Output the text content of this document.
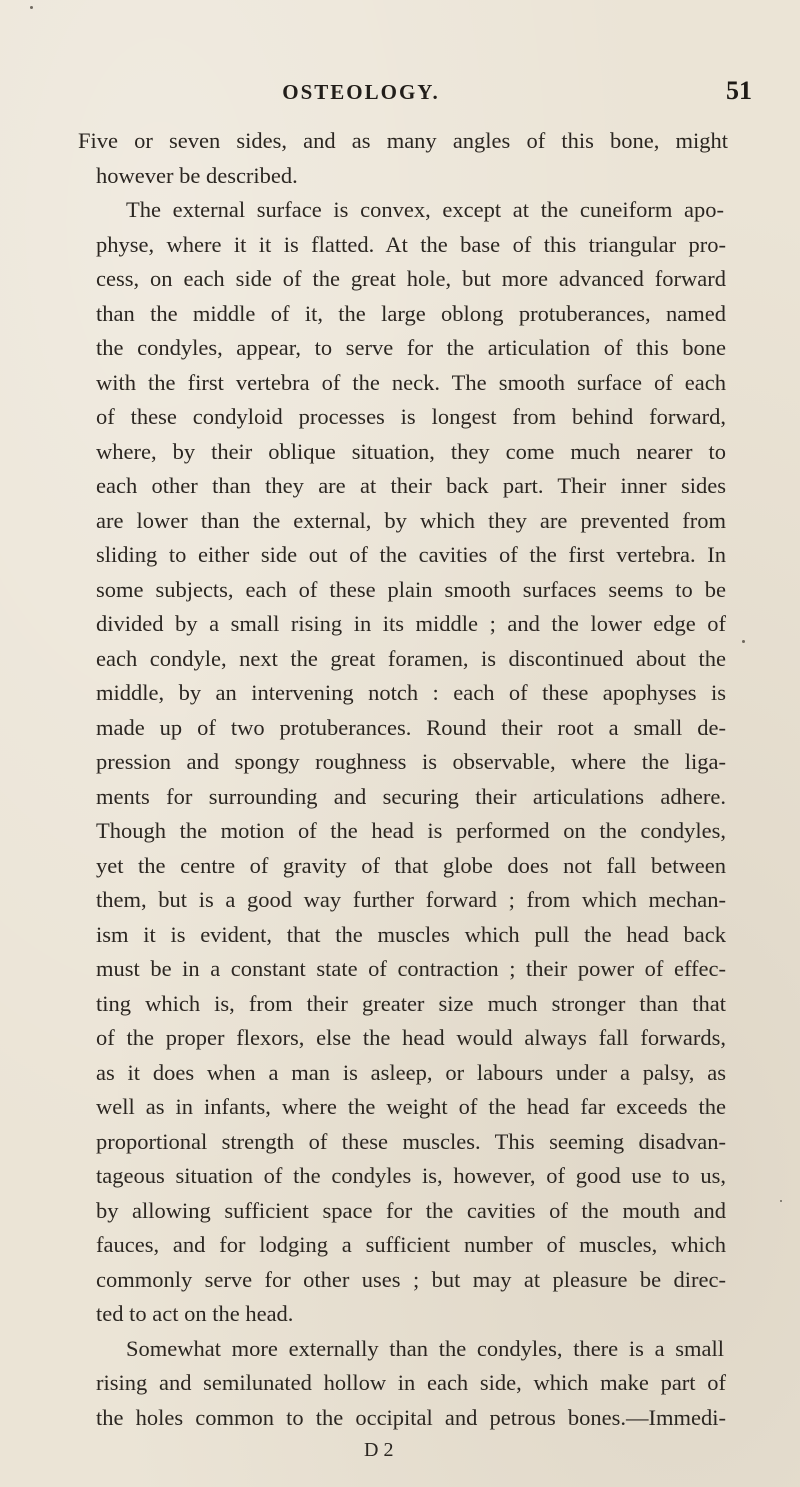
OSTEOLOGY.	51
Five or seven sides, and as many angles of this bone, might
however be described.
The external surface is convex, except at the cuneiform apo-
physe, where it it is flatted. At the base of this triangular pro-
cess, on each side of the great hole, but more advanced forward
than the middle of it, the large oblong protuberances, named
the condyles, appear, to serve for the articulation of this bone
with the first vertebra of the neck. The smooth surface of each
of these condyloid processes is longest from behind forward,
where, by their oblique situation, they come much nearer to
each other than they are at their back part. Their inner sides
are lower than the external, by which they are prevented from
sliding to either side out of the cavities of the first vertebra. In
some subjects, each of these plain smooth surfaces seems to be
divided by a small rising in its middle ; and the lower edge of
each condyle, next the great foramen, is discontinued about the
middle, by an intervening notch : each of these apophyses is
made up of two protuberances. Round their root a small de-
pression and spongy roughness is observable, where the liga-
ments for surrounding and securing their articulations adhere.
Though the motion of the head is performed on the condyles,
yet the centre of gravity of that globe does not fall between
them, but is a good way further forward ; from which mechan-
ism it is evident, that the muscles which pull the head back
must be in a constant state of contraction ; their power of effec-
ting which is, from their greater size much stronger than that
of the proper flexors, else the head would always fall forwards,
as it does when a man is asleep, or labours under a palsy, as
well as in infants, where the weight of the head far exceeds the
proportional strength of these muscles. This seeming disadvan-
tageous situation of the condyles is, however, of good use to us,
by allowing sufficient space for the cavities of the mouth and
fauces, and for lodging a sufficient number of muscles, which
commonly serve for other uses ; but may at pleasure be direc-
ted to act on the head.
Somewhat more externally than the condyles, there is a small
rising and semilunated hollow in each side, which make part of
the holes common to the occipital and petrous bones.—Immedi-
D 2
